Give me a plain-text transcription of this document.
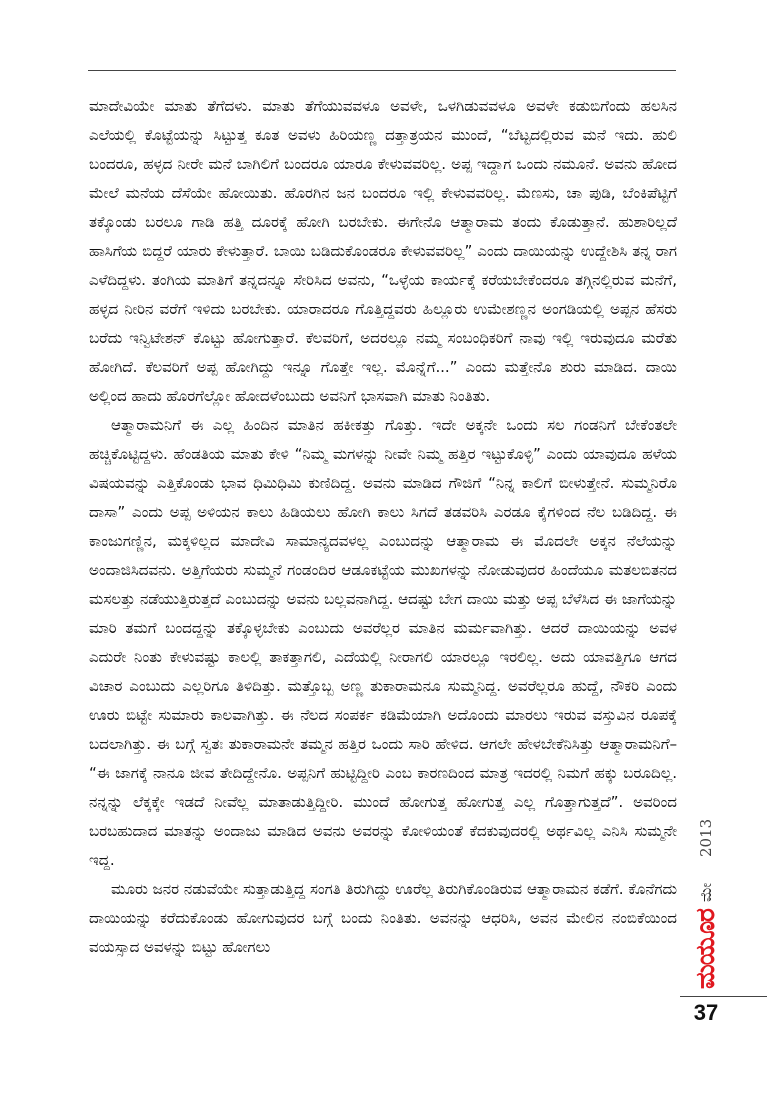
ಮಾದೇವಿಯೇ ಮಾತು ತೆಗೆದಳು. ಮಾತು ತೆಗೆಯುವವಳೂ ಅವಳೇ, ಒಳಗಿಡುವವಳೂ ಅವಳೇ ಕಡುಬಿಗೆಂದು ಹಲಸಿನ ಎಲೆಯಲ್ಲಿ ಕೊಟ್ಟೆಯನ್ನು ಸಿಟ್ಟುತ್ತ ಕೂತ ಅವಳು ಹಿರಿಯಣ್ಣ ದತ್ತಾತ್ರಯನ ಮುಂದೆ, “ಬೆಟ್ಟದಲ್ಲಿರುವ ಮನೆ ಇದು. ಹುಲಿ ಬಂದರೂ, ಹಳ್ಳದ ನೀರೇ ಮನೆ ಬಾಗಿಲಿಗೆ ಬಂದರೂ ಯಾರೂ ಕೇಳುವವರಿಲ್ಲ. ಅಪ್ಪ ಇದ್ದಾಗ ಒಂದು ನಮೂನೆ. ಅವನು ಹೋದ ಮೇಲೆ ಮನೆಯ ದೆಸೆಯೇ ಹೋಯಿತು. ಹೊರಗಿನ ಜನ ಬಂದರೂ ಇಲ್ಲಿ ಕೇಳುವವರಿಲ್ಲ. ಮೆಣಸು, ಚಾ ಪುಡಿ, ಬೆಂಕಿಪೆಟ್ಟಿಗೆ ತಕ್ಕೊಂಡು ಬರಲೂ ಗಾಡಿ ಹತ್ತಿ ದೂರಕ್ಕೆ ಹೋಗಿ ಬರಬೇಕು. ಈಗೇನೊ ಆತ್ಮಾರಾಮ ತಂದು ಕೊಡುತ್ತಾನೆ. ಹುಶಾರಿಲ್ಲದೆ ಹಾಸಿಗೆಯ ಬಿದ್ದರೆ ಯಾರು ಕೇಳುತ್ತಾರೆ. ಬಾಯಿ ಬಡಿದುಕೊಂಡರೂ ಕೇಳುವವರಿಲ್ಲ” ಎಂದು ದಾಯಿಯನ್ನು ಉದ್ದೇಶಿಸಿ ತನ್ನ ರಾಗ ಎಳೆದಿದ್ದಳು. ತಂಗಿಯ ಮಾತಿಗೆ ತನ್ನದನ್ನೂ ಸೇರಿಸಿದ ಅವನು, “ಒಳ್ಳೆಯ ಕಾರ್ಯಕ್ಕೆ ಕರೆಯಬೇಕೆಂದರೂ ತಗ್ಗಿನಲ್ಲಿರುವ ಮನೆಗೆ, ಹಳ್ಳದ ನೀರಿನ ವರೆಗೆ ಇಳಿದು ಬರಬೇಕು. ಯಾರಾದರೂ ಗೊತ್ತಿದ್ದವರು ಹಿಲ್ಲೂರು ಉಮೇಶಣ್ಣನ ಅಂಗಡಿಯಲ್ಲಿ ಅಪ್ಪನ ಹೆಸರು ಬರೆದು ಇನ್ವಿಟೇಶನ್ ಕೊಟ್ಟು ಹೋಗುತ್ತಾರೆ. ಕೆಲವರಿಗೆ, ಅದರಲ್ಲೂ ನಮ್ಮ ಸಂಬಂಧಿಕರಿಗೆ ನಾವು ಇಲ್ಲಿ ಇರುವುದೂ ಮರೆತು ಹೋಗಿದೆ. ಕೆಲವರಿಗೆ ಅಪ್ಪ ಹೋಗಿದ್ದು ಇನ್ನೂ ಗೊತ್ತೇ ಇಲ್ಲ. ಮೊನ್ನೆಗೆ...” ಎಂದು ಮತ್ತೇನೊ ಶುರು ಮಾಡಿದ. ದಾಯಿ ಅಲ್ಲಿಂದ ಹಾದು ಹೊರಗೆಲ್ಲೋ ಹೋದಳೆಂಬುದು ಅವನಿಗೆ ಭಾಸವಾಗಿ ಮಾತು ನಿಂತಿತು.

ಆತ್ಮಾರಾಮನಿಗೆ ಈ ಎಲ್ಲ ಹಿಂದಿನ ಮಾತಿನ ಹಕೀಕತ್ತು ಗೊತ್ತು. ಇದೇ ಅಕ್ಕನೇ ಒಂದು ಸಲ ಗಂಡನಿಗೆ ಬೇಕೆಂತಲೇ ಹಚ್ಚಿಕೊಟ್ಟಿದ್ದಳು. ಹೆಂಡತಿಯ ಮಾತು ಕೇಳಿ “ನಿಮ್ಮ ಮಗಳನ್ನು ನೀವೇ ನಿಮ್ಮ ಹತ್ತಿರ ಇಟ್ಟುಕೊಳ್ಳಿ” ಎಂದು ಯಾವುದೂ ಹಳೆಯ ವಿಷಯವನ್ನು ಎತ್ತಿಕೊಂಡು ಭಾವ ಧಿಮಿಧಿಮಿ ಕುಣಿದಿದ್ದ. ಅವನು ಮಾಡಿದ ಗೌಜಿಗೆ “ನಿನ್ನ ಕಾಲಿಗೆ ಬೀಳುತ್ತೇನೆ. ಸುಮ್ಮನಿರೊ ದಾಸಾ” ಎಂದು ಅಪ್ಪ ಅಳಿಯನ ಕಾಲು ಹಿಡಿಯಲು ಹೋಗಿ ಕಾಲು ಸಿಗದೆ ತಡವರಿಸಿ ಎರಡೂ ಕೈಗಳಿಂದ ನೆಲ ಬಡಿದಿದ್ದ. ಈ ಕಾಂಜುಗಣ್ಣಿನ, ಮಕ್ಕಳಿಲ್ಲದ ಮಾದೇವಿ ಸಾಮಾನ್ಯದವಳಲ್ಲ ಎಂಬುದನ್ನು ಆತ್ಮಾರಾಮ ಈ ಮೊದಲೇ ಅಕ್ಕನ ನೆಲೆಯನ್ನು ಅಂದಾಜಿಸಿದವನು. ಅತ್ತಿಗೆಯರು ಸುಮ್ಮನೆ ಗಂಡಂದಿರ ಆಡೂಕಟ್ಟೆಯ ಮುಖಗಳನ್ನು ನೋಡುವುದರ ಹಿಂದೆಯೂ ಮತಲಬಿತನದ ಮಸಲತ್ತು ನಡೆಯುತ್ತಿರುತ್ತದೆ ಎಂಬುದನ್ನು ಅವನು ಬಲ್ಲವನಾಗಿದ್ದ. ಆದಷ್ಟು ಬೇಗ ದಾಯಿ ಮತ್ತು ಅಪ್ಪ ಬೆಳೆಸಿದ ಈ ಜಾಗೆಯನ್ನು ಮಾರಿ ತಮಗೆ ಬಂದದ್ದನ್ನು ತಕ್ಕೊಳ್ಳಬೇಕು ಎಂಬುದು ಅವರೆಲ್ಲರ ಮಾತಿನ ಮರ್ಮವಾಗಿತ್ತು. ಆದರೆ ದಾಯಿಯನ್ನು ಅವಳ ಎದುರೇ ನಿಂತು ಕೇಳುವಷ್ಟು ಕಾಲಲ್ಲಿ ತಾಕತ್ತಾಗಲಿ, ಎದೆಯಲ್ಲಿ ನೀರಾಗಲಿ ಯಾರಲ್ಲೂ ಇರಲಿಲ್ಲ. ಅದು ಯಾವತ್ತಿಗೂ ಆಗದ ವಿಚಾರ ಎಂಬುದು ಎಲ್ಲರಿಗೂ ತಿಳಿದಿತ್ತು. ಮತ್ತೊಬ್ಬ ಅಣ್ಣ ತುಕಾರಾಮನೂ ಸುಮ್ಮನಿದ್ದ. ಅವರೆಲ್ಲರೂ ಹುದ್ದೆ, ನೌಕರಿ ಎಂದು ಊರು ಬಿಟ್ಟೇ ಸುಮಾರು ಕಾಲವಾಗಿತ್ತು. ಈ ನೆಲದ ಸಂಪರ್ಕ ಕಡಿಮೆಯಾಗಿ ಅದೊಂದು ಮಾರಲು ಇರುವ ವಸ್ತುವಿನ ರೂಪಕ್ಕೆ ಬದಲಾಗಿತ್ತು. ಈ ಬಗ್ಗೆ ಸ್ವತಃ ತುಕಾರಾಮನೇ ತಮ್ಮನ ಹತ್ತಿರ ಒಂದು ಸಾರಿ ಹೇಳಿದ. ಆಗಲೇ ಹೇಳಬೇಕೆನಿಸಿತ್ತು ಆತ್ಮಾರಾಮನಿಗೆ– “ಈ ಜಾಗಕ್ಕೆ ನಾನೂ ಜೀವ ತೇದಿದ್ದೇನೊ. ಅಪ್ಪನಿಗೆ ಹುಟ್ಟಿದ್ದೀರಿ ಎಂಬ ಕಾರಣದಿಂದ ಮಾತ್ರ ಇದರಲ್ಲಿ ನಿಮಗೆ ಹಕ್ಕು ಬರೂದಿಲ್ಲ. ನನ್ನನ್ನು ಲೆಕ್ಕಕ್ಕೇ ಇಡದೆ ನೀವೆಲ್ಲ ಮಾತಾಡುತ್ತಿದ್ದೀರಿ. ಮುಂದೆ ಹೋಗುತ್ತ ಹೋಗುತ್ತ ಎಲ್ಲ ಗೊತ್ತಾಗುತ್ತದೆ”. ಅವರಿಂದ ಬರಬಹುದಾದ ಮಾತನ್ನು ಅಂದಾಜು ಮಾಡಿದ ಅವನು ಅವರನ್ನು ಕೋಳಿಯಂತೆ ಕೆದಕುವುದರಲ್ಲಿ ಅರ್ಥವಿಲ್ಲ ಎನಿಸಿ ಸುಮ್ಮನೇ ಇದ್ದ.

ಮೂರು ಜನರ ನಡುವೆಯೇ ಸುತ್ತಾಡುತ್ತಿದ್ದ ಸಂಗತಿ ತಿರುಗಿದ್ದು ಊರೆಲ್ಲ ತಿರುಗಿಕೊಂಡಿರುವ ಆತ್ಮಾರಾಮನ ಕಡೆಗೆ. ಕೊನೆಗದು ದಾಯಿಯನ್ನು ಕರೆದುಕೊಂಡು ಹೋಗುವುದರ ಬಗ್ಗೆ ಬಂದು ನಿಂತಿತು. ಅವನನ್ನು ಆಧರಿಸಿ, ಅವನ ಮೇಲಿನ ನಂಬಿಕೆಯಿಂದ ವಯಸ್ಸಾದ ಅವಳನ್ನು ಬಿಟ್ಟು ಹೋಗಲು

2013
ಮೇ
ಮಯೂರ
37
